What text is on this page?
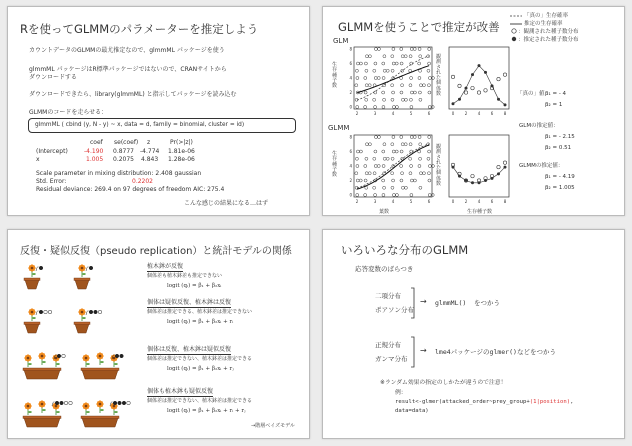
Rを使ってGLMMのパラメーターを推定しよう
カウントデータのGLMMの最尤推定なので、glmmML パッケージを使う
glmmML パッケージはR標準パッケージではないので、CRANサイトから
ダウンロードする
ダウンロードできたら、library(glmmML) と指示してパッケージを読み込む
GLMMのコードを走らせる：
glmmML ( cbind (y, N - y) ~ x, data = d, family = binomial, cluster = id)
coef se(coef) z	Pr(>|z|)
(Intercept)	-4.190 0.8777 -4.774 1.81e-06
x	1.005 0.2075 4.843 1.28e-06
Scale parameter in mixing distribution: 2.408 gaussian
Std. Error:	0.2202
Residual deviance: 269.4 on 97 degrees of freedom AIC: 275.4
こんな感じの結果になる…はず
GLMMを使うことで推定が改善
「真の」生存確率
推定の生存確率
：観測された種子数分布
：推定された種子数分布
GLM
GLMM
生存種子数
生存種子数
観測された個体数
観測された個体数
2	3	4	5	6
0
2
4
6
8
2	3	4	5	6
0
2
4
6
8
0	2	4	6	8
0	2	4	6	8
葉数	生存種子数
「真の」値：
β₁ = - 4
β₂ = 1
GLMの推定値：
β₁ = - 2.15
β₂ = 0.51
GLMMの推定値：
β₁ = - 4.19
β₂ = 1.005
反復・疑似反復（pseudo replication）と統計モデルの関係
植木鉢が反復
個体差も植木鉢差も推定できない
logit (qᵢ) = β₁ + β₂xᵢ
個体は疑似反復、植木鉢は反復
個体差は推定できる、植木鉢差は推定できない
logit (qᵢ) = β₁ + β₂xᵢ + rᵢ
個体は反復、植木鉢は疑似反復
個体差は推定できない、植木鉢差は推定できる
logit (qᵢ) = β₁ + β₂xᵢ + rⱼ
個体も植木鉢も疑似反復
個体差は推定できない、植木鉢差は推定できる
logit (qᵢ) = β₁ + β₂xᵢ + rᵢ + rⱼ
→階層ベイズモデル
いろいろな分布のGLMM
応答変数のばらつき
二項分布
ポアソン分布
→ glmmML() をつかう
正規分布
ガンマ分布
→ lme4パッケージのglmer()などをつかう
※ランダム効果の指定のしかたが違うので注意！
例：
result<-glmer(attacked_order~prey_group+(1|position),
data=data)
